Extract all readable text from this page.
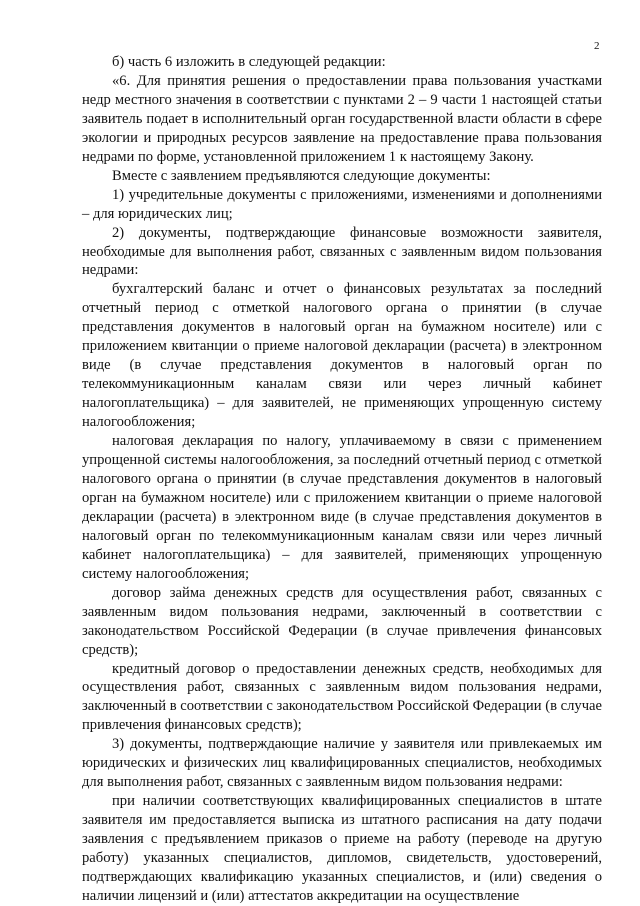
2

б) часть 6 изложить в следующей редакции:

«6. Для принятия решения о предоставлении права пользования участками недр местного значения в соответствии с пунктами 2 – 9 части 1 настоящей статьи заявитель подает в исполнительный орган государственной власти области в сфере экологии и природных ресурсов заявление на предоставление права пользования недрами по форме, установленной приложением 1 к настоящему Закону.

Вместе с заявлением предъявляются следующие документы:

1) учредительные документы с приложениями, изменениями и дополнениями – для юридических лиц;

2) документы, подтверждающие финансовые возможности заявителя, необходимые для выполнения работ, связанных с заявленным видом пользования недрами:

бухгалтерский баланс и отчет о финансовых результатах за последний отчетный период с отметкой налогового органа о принятии (в случае представления документов в налоговый орган на бумажном носителе) или с приложением квитанции о приеме налоговой декларации (расчета) в электронном виде (в случае представления документов в налоговый орган по телекоммуникационным каналам связи или через личный кабинет налогоплательщика) – для заявителей, не применяющих упрощенную систему налогообложения;

налоговая декларация по налогу, уплачиваемому в связи с применением упрощенной системы налогообложения, за последний отчетный период с отметкой налогового органа о принятии (в случае представления документов в налоговый орган на бумажном носителе) или с приложением квитанции о приеме налоговой декларации (расчета) в электронном виде (в случае представления документов в налоговый орган по телекоммуникационным каналам связи или через личный кабинет налогоплательщика) – для заявителей, применяющих упрощенную систему налогообложения;

договор займа денежных средств для осуществления работ, связанных с заявленным видом пользования недрами, заключенный в соответствии с законодательством Российской Федерации (в случае привлечения финансовых средств);

кредитный договор о предоставлении денежных средств, необходимых для осуществления работ, связанных с заявленным видом пользования недрами, заключенный в соответствии с законодательством Российской Федерации (в случае привлечения финансовых средств);

3) документы, подтверждающие наличие у заявителя или привлекаемых им юридических и физических лиц квалифицированных специалистов, необходимых для выполнения работ, связанных с заявленным видом пользования недрами:

при наличии соответствующих квалифицированных специалистов в штате заявителя им предоставляется выписка из штатного расписания на дату подачи заявления с предъявлением приказов о приеме на работу (переводе на другую работу) указанных специалистов, дипломов, свидетельств, удостоверений, подтверждающих квалификацию указанных специалистов, и (или) сведения о наличии лицензий и (или) аттестатов аккредитации на осуществление
